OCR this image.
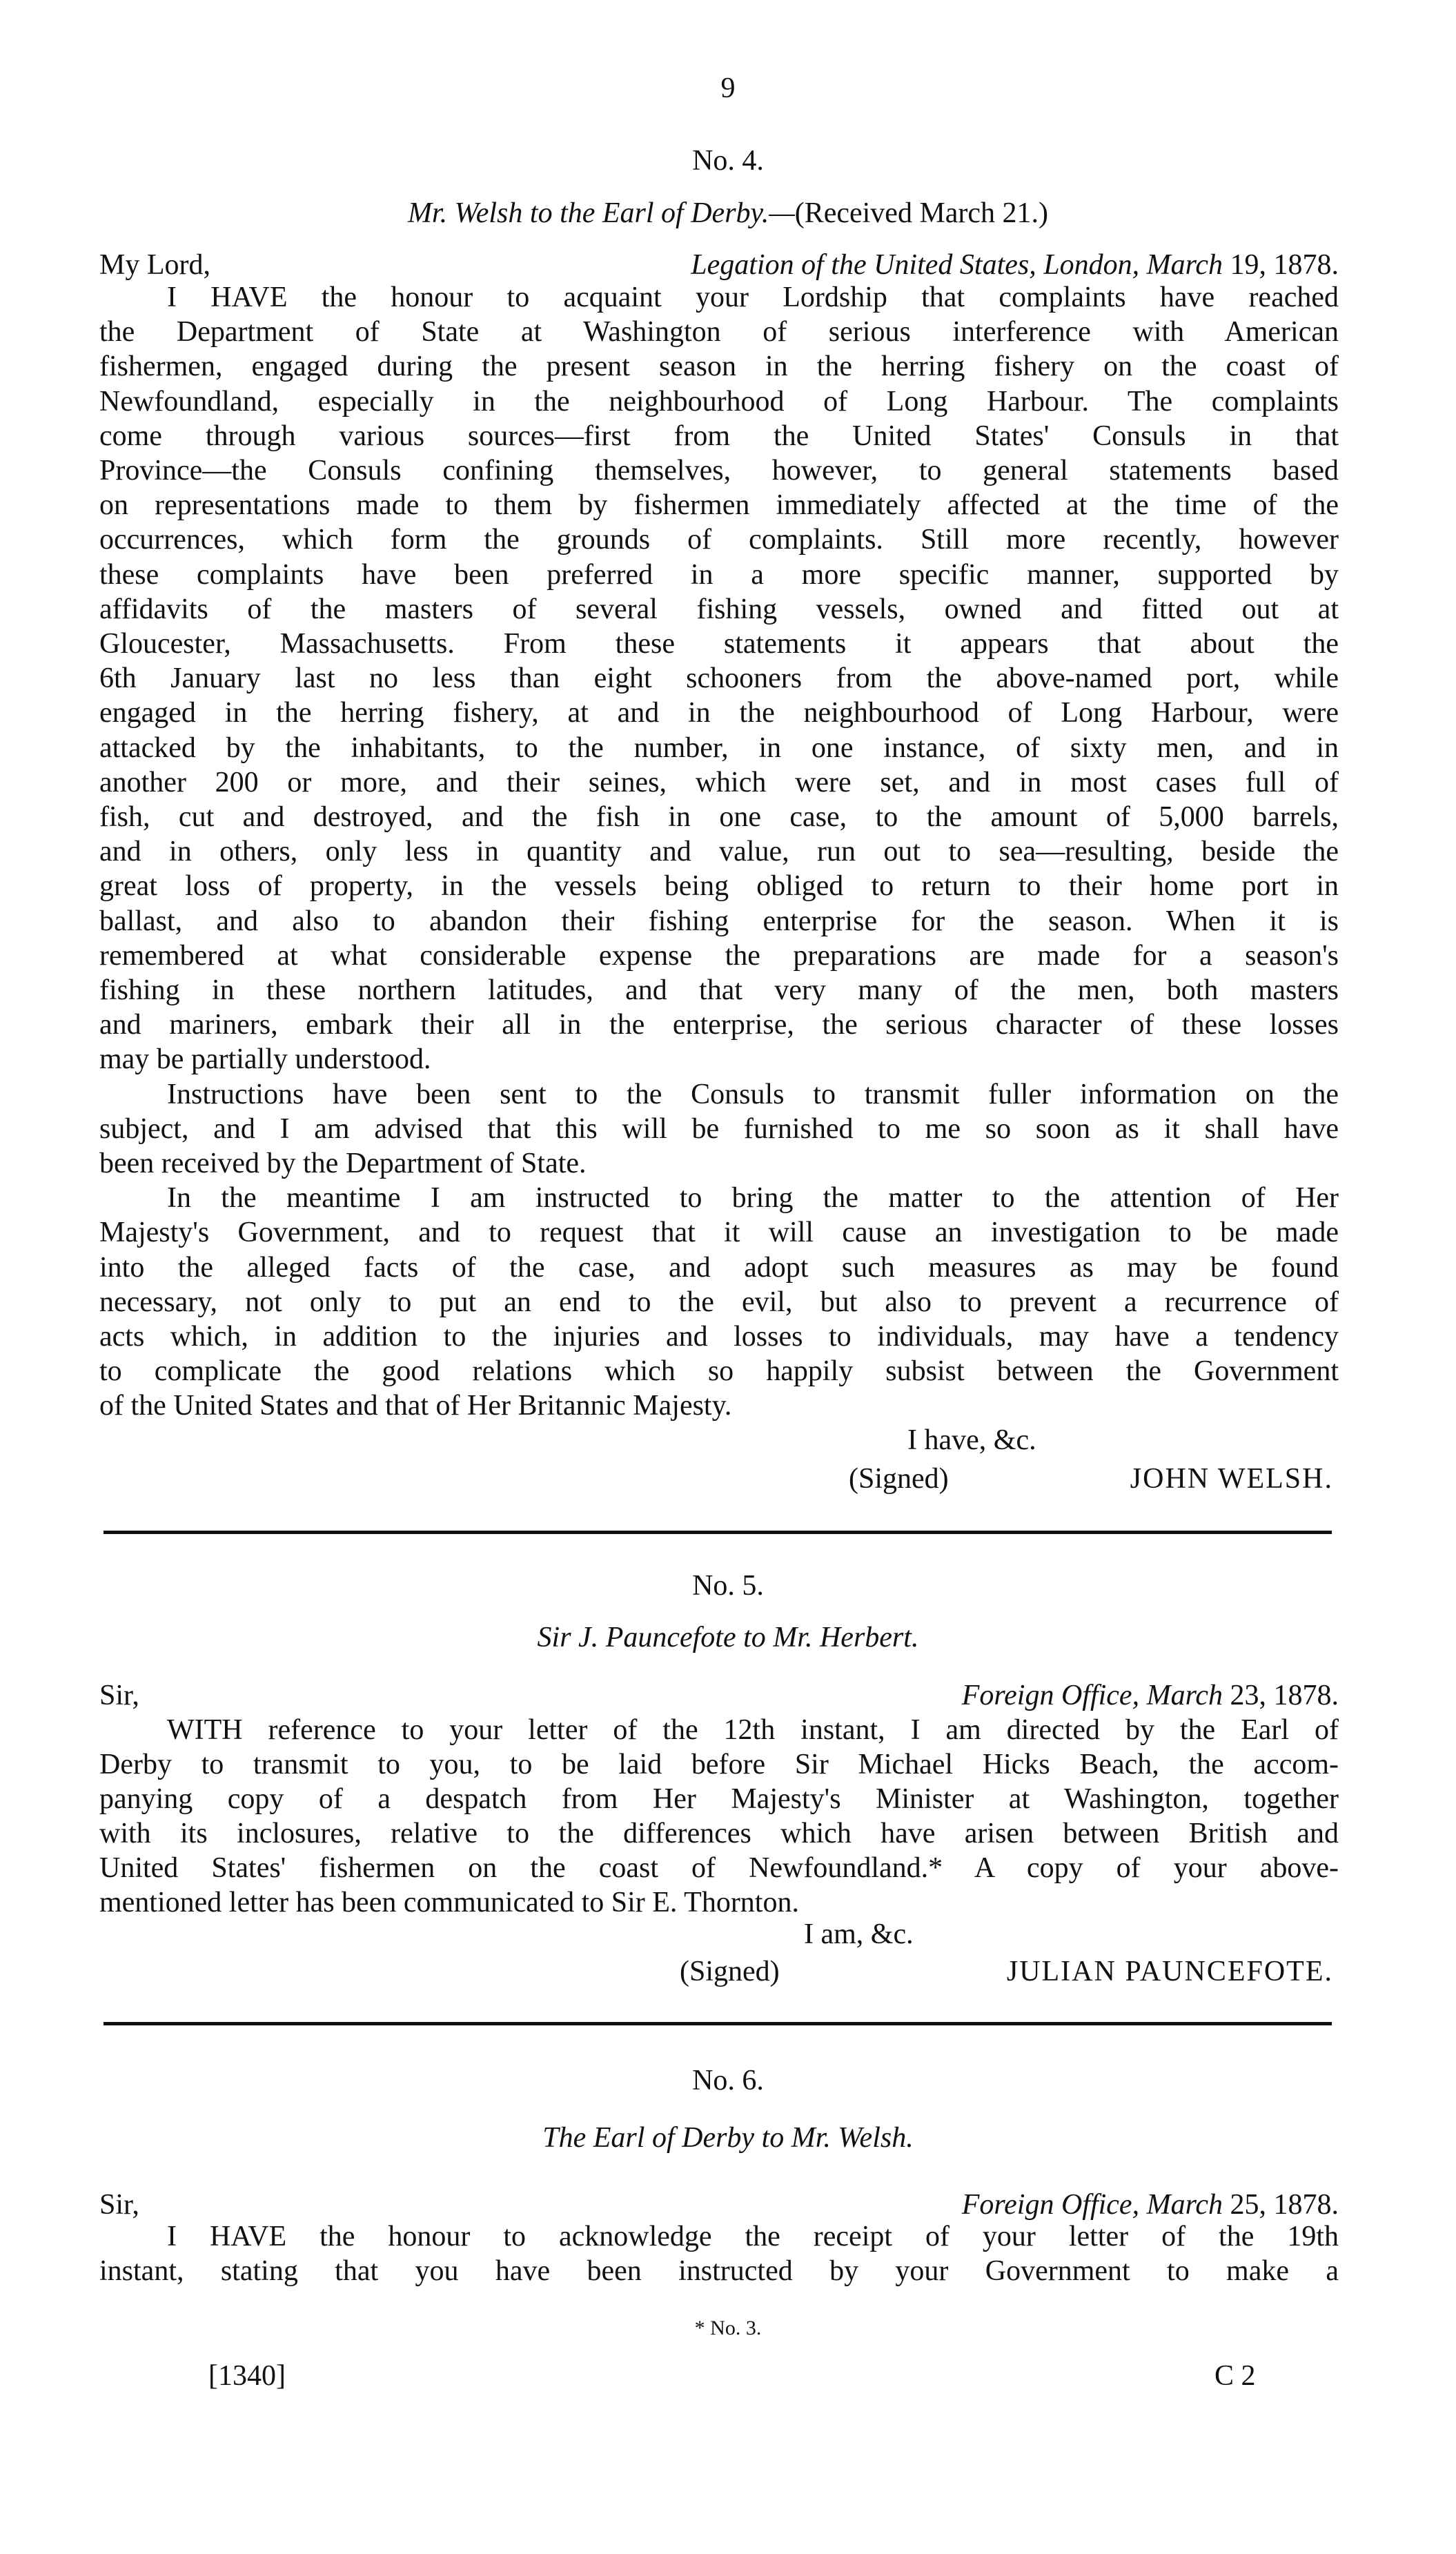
9
No. 4.
Mr. Welsh to the Earl of Derby.—(Received March 21.)
My Lord,	Legation of the United States, London, March 19, 1878.
I HAVE the honour to acquaint your Lordship that complaints have reached
the Department of State at Washington of serious interference with American
fishermen, engaged during the present season in the herring fishery on the coast of
Newfoundland, especially in the neighbourhood of Long Harbour. The complaints
come through various sources—first from the United States' Consuls in that
Province—the Consuls confining themselves, however, to general statements based
on representations made to them by fishermen immediately affected at the time of the
occurrences, which form the grounds of complaints. Still more recently, however
these complaints have been preferred in a more specific manner, supported by
affidavits of the masters of several fishing vessels, owned and fitted out at
Gloucester, Massachusetts. From these statements it appears that about the
6th January last no less than eight schooners from the above-named port, while
engaged in the herring fishery, at and in the neighbourhood of Long Harbour, were
attacked by the inhabitants, to the number, in one instance, of sixty men, and in
another 200 or more, and their seines, which were set, and in most cases full of
fish, cut and destroyed, and the fish in one case, to the amount of 5,000 barrels,
and in others, only less in quantity and value, run out to sea—resulting, beside the
great loss of property, in the vessels being obliged to return to their home port in
ballast, and also to abandon their fishing enterprise for the season. When it is
remembered at what considerable expense the preparations are made for a season's
fishing in these northern latitudes, and that very many of the men, both masters
and mariners, embark their all in the enterprise, the serious character of these losses
may be partially understood.
Instructions have been sent to the Consuls to transmit fuller information on the
subject, and I am advised that this will be furnished to me so soon as it shall have
been received by the Department of State.
In the meantime I am instructed to bring the matter to the attention of Her
Majesty's Government, and to request that it will cause an investigation to be made
into the alleged facts of the case, and adopt such measures as may be found
necessary, not only to put an end to the evil, but also to prevent a recurrence of
acts which, in addition to the injuries and losses to individuals, may have a tendency
to complicate the good relations which so happily subsist between the Government
of the United States and that of Her Britannic Majesty.
I have, &c.
(Signed)	JOHN WELSH.
No. 5.
Sir J. Pauncefote to Mr. Herbert.
Sir,	Foreign Office, March 23, 1878.
WITH reference to your letter of the 12th instant, I am directed by the Earl of
Derby to transmit to you, to be laid before Sir Michael Hicks Beach, the accom-
panying copy of a despatch from Her Majesty's Minister at Washington, together
with its inclosures, relative to the differences which have arisen between British and
United States' fishermen on the coast of Newfoundland.* A copy of your above-
mentioned letter has been communicated to Sir E. Thornton.
I am, &c.
(Signed)	JULIAN PAUNCEFOTE.
No. 6.
The Earl of Derby to Mr. Welsh.
Sir,	Foreign Office, March 25, 1878.
I HAVE the honour to acknowledge the receipt of your letter of the 19th
instant, stating that you have been instructed by your Government to make a
* No. 3.
[1340]	C 2
